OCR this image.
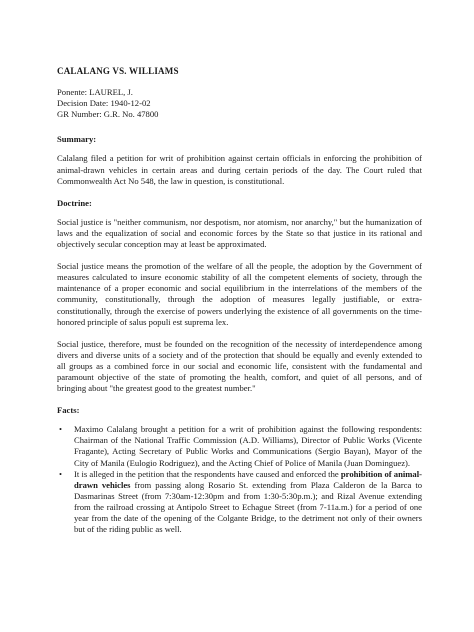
CALALANG VS. WILLIAMS
Ponente: LAUREL, J.
Decision Date: 1940-12-02
GR Number: G.R. No. 47800
Summary:
Calalang filed a petition for writ of prohibition against certain officials in enforcing the prohibition of animal-drawn vehicles in certain areas and during certain periods of the day. The Court ruled that Commonwealth Act No 548, the law in question, is constitutional.
Doctrine:
Social justice is "neither communism, nor despotism, nor atomism, nor anarchy," but the humanization of laws and the equalization of social and economic forces by the State so that justice in its rational and objectively secular conception may at least be approximated.
Social justice means the promotion of the welfare of all the people, the adoption by the Government of measures calculated to insure economic stability of all the competent elements of society, through the maintenance of a proper economic and social equilibrium in the interrelations of the members of the community, constitutionally, through the adoption of measures legally justifiable, or extra-constitutionally, through the exercise of powers underlying the existence of all governments on the time-honored principle of salus populi est suprema lex.
Social justice, therefore, must be founded on the recognition of the necessity of interdependence among divers and diverse units of a society and of the protection that should be equally and evenly extended to all groups as a combined force in our social and economic life, consistent with the fundamental and paramount objective of the state of promoting the health, comfort, and quiet of all persons, and of bringing about "the greatest good to the greatest number."
Facts:
• Maximo Calalang brought a petition for a writ of prohibition against the following respondents: Chairman of the National Traffic Commission (A.D. Williams), Director of Public Works (Vicente Fragante), Acting Secretary of Public Works and Communications (Sergio Bayan), Mayor of the City of Manila (Eulogio Rodriguez), and the Acting Chief of Police of Manila (Juan Dominguez).
• It is alleged in the petition that the respondents have caused and enforced the prohibition of animal-drawn vehicles from passing along Rosario St. extending from Plaza Calderon de la Barca to Dasmarinas Street (from 7:30am-12:30pm and from 1:30-5:30p.m.); and Rizal Avenue extending from the railroad crossing at Antipolo Street to Echague Street (from 7-11a.m.) for a period of one year from the date of the opening of the Colgante Bridge, to the detriment not only of their owners but of the riding public as well.
